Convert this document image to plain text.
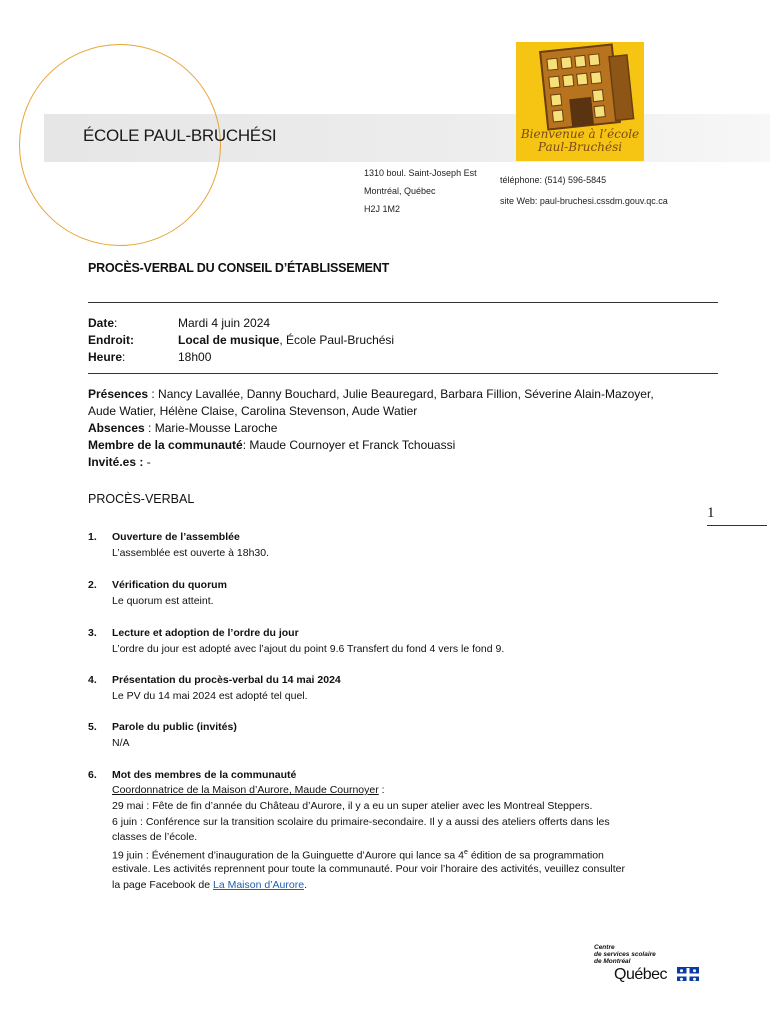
ÉCOLE PAUL-BRUCHÉSI	Bienvenue à l’école
Paul-Bruchési
1310 boul. Saint-Joseph Est
Montréal, Québec
H2J 1M2
téléphone: (514) 596-5845
site Web: paul-bruchesi.cssdm.gouv.qc.ca
PROCÈS-VERBAL DU CONSEIL D’ÉTABLISSEMENT
Date:	Mardi 4 juin 2024
Endroit:	Local de musique, École Paul-Bruchési
Heure:	18h00
Présences : Nancy Lavallée, Danny Bouchard, Julie Beauregard, Barbara Fillion, Séverine Alain-Mazoyer,
Aude Watier, Hélène Claise, Carolina Stevenson, Aude Watier
Absences : Marie-Mousse Laroche
Membre de la communauté: Maude Cournoyer et Franck Tchouassi
Invité.es : -
PROCÈS-VERBAL
1
1. Ouverture de l’assemblée
L’assemblée est ouverte à 18h30.
2. Vérification du quorum
Le quorum est atteint.
3. Lecture et adoption de l’ordre du jour
L’ordre du jour est adopté avec l’ajout du point 9.6 Transfert du fond 4 vers le fond 9.
4. Présentation du procès-verbal du 14 mai 2024
Le PV du 14 mai 2024 est adopté tel quel.
5. Parole du public (invités)
N/A
6. Mot des membres de la communauté
Coordonnatrice de la Maison d’Aurore, Maude Cournoyer :
29 mai : Fête de fin d’année du Château d’Aurore, il y a eu un super atelier avec les Montreal Steppers.
6 juin : Conférence sur la transition scolaire du primaire-secondaire. Il y a aussi des ateliers offerts dans les
classes de l’école.
19 juin : Événement d’inauguration de la Guinguette d’Aurore qui lance sa 4e édition de sa programmation
estivale. Les activités reprennent pour toute la communauté. Pour voir l’horaire des activités, veuillez consulter
la page Facebook de La Maison d’Aurore.
Centre
de services scolaire
de Montréal
Québec
